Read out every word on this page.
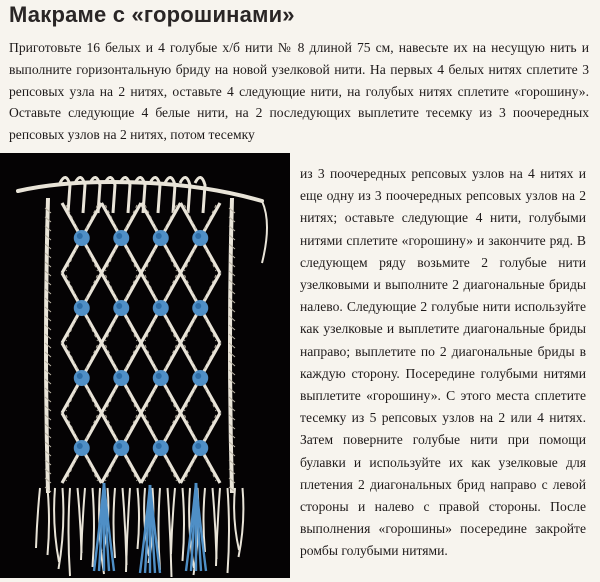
Макраме с «горошинами»

Приготовьте 16 белых и 4 голубые х/б нити № 8 длиной 75 см, навесьте их на несущую нить и выполните горизонтальную бриду на новой узелковой нити. На первых 4 белых нитях сплетите 3 репсовых узла на 2 нитях, оставьте 4 следующие нити, на голубых нитях сплетите «горошину». Оставьте следующие 4 белые нити, на 2 последующих выплетите тесемку из 3 поочередных репсовых узлов на 2 нитях, потом тесемку

из 3 поочередных репсовых узлов на 4 нитях и еще одну из 3 поочередных репсовых узлов на 2 нитях; оставьте следующие 4 нити, голубыми нитями сплетите «горошину» и закончите ряд. В следующем ряду возьмите 2 голубые нити узелковыми и выполните 2 диагональные бриды налево. Следующие 2 голубые нити используйте как узелковые и выплетите диагональные бриды направо; выплетите по 2 диагональные бриды в каждую сторону. Посередине голубыми нитями выплетите «горошину». С этого места сплетите тесемку из 5 репсовых узлов на 2 или 4 нитях. Затем поверните голубые нити при помощи булавки и используйте их как узелковые для плетения 2 диагональных брид направо с левой стороны и налево с правой стороны. После выполнения «горошины» посередине закройте ромбы голубыми нитями.
